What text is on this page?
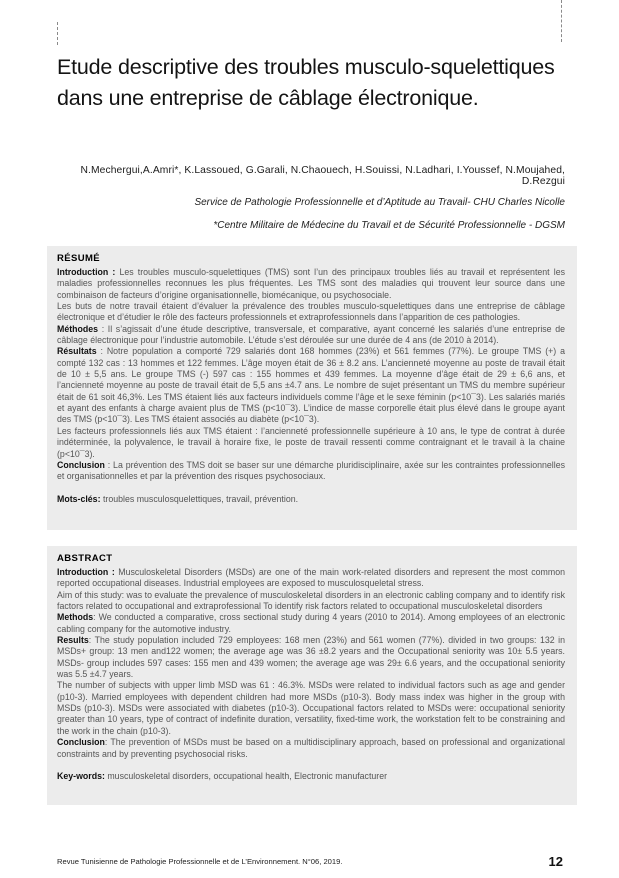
Etude descriptive des troubles musculo-squelettiques
dans une entreprise de câblage électronique.

N.Mechergui,A.Amri*, K.Lassoued, G.Garali, N.Chaouech, H.Souissi, N.Ladhari, I.Youssef, N.Moujahed, D.Rezgui

Service de Pathologie Professionnelle et d’Aptitude au Travail- CHU Charles Nicolle

*Centre Militaire de Médecine du Travail et de Sécurité Professionnelle - DGSM

RÉSUMÉ

Introduction : Les troubles musculo-squelettiques (TMS) sont l’un des principaux troubles liés au travail et représentent les maladies professionnelles reconnues les plus fréquentes. Les TMS sont des maladies qui trouvent leur source dans une combinaison de facteurs d’origine organisationnelle, biomécanique, ou psychosociale.

Les buts de notre travail étaient d’évaluer la prévalence des troubles musculo-squelettiques dans une entreprise de câblage électronique et d’étudier le rôle des facteurs professionnels et extraprofessionnels dans l’apparition de ces pathologies.

Méthodes : Il s’agissait d’une étude descriptive, transversale, et comparative, ayant concerné les salariés d’une entreprise de câblage électronique pour l’industrie automobile. L’étude s’est déroulée sur une durée de 4 ans (de 2010 à 2014).

Résultats : Notre population a comporté 729 salariés dont 168 hommes (23%) et 561 femmes (77%). Le groupe TMS (+) a compté 132 cas : 13 hommes et 122 femmes. L’âge moyen était de 36 ± 8.2 ans. L’ancienneté moyenne au poste de travail était de 10 ± 5,5 ans. Le groupe TMS (-) 597 cas : 155 hommes et 439 femmes. La moyenne d’âge était de 29 ± 6,6 ans, et l’ancienneté moyenne au poste de travail était de 5,5 ans ±4.7 ans. Le nombre de sujet présentant un TMS du membre supérieur était de 61 soit 46,3%. Les TMS étaient liés aux facteurs individuels comme l’âge et le sexe féminin (p<10¯3). Les salariés mariés et ayant des enfants à charge avaient plus de TMS (p<10¯3). L’indice de masse corporelle était plus élevé dans le groupe ayant des TMS (p<10¯3). Les TMS étaient associés au diabète (p<10¯3).

Les facteurs professionnels liés aux TMS étaient : l’ancienneté professionnelle supérieure à 10 ans, le type de contrat à durée indéterminée, la polyvalence, le travail à horaire fixe, le poste de travail ressenti comme contraignant et le travail à la chaine (p<10¯3).

Conclusion : La prévention des TMS doit se baser sur une démarche pluridisciplinaire, axée sur les contraintes professionnelles et organisationnelles et par la prévention des risques psychosociaux.

Mots-clés: troubles musculosquelettiques, travail, prévention.

ABSTRACT

Introduction : Musculoskeletal Disorders (MSDs) are one of the main work-related disorders and represent the most common reported occupational diseases. Industrial employees are exposed to musculosqueletal stress.

Aim of this study: was to evaluate the prevalence of musculoskeletal disorders in an electronic cabling company and to identify risk factors related to occupational and extraprofessional To identify risk factors related to occupational musculoskeletal disorders

Methods: We conducted a comparative, cross sectional study during 4 years (2010 to 2014). Among employees of an electronic cabling company for the automotive industry.

Results: The study population included 729 employees: 168 men (23%) and 561 women (77%). divided in two groups: 132 in MSDs+ group: 13 men and122 women; the average age was 36 ±8.2 years and the Occupational seniority was 10± 5.5 years. MSDs- group includes 597 cases: 155 men and 439 women; the average age was 29± 6.6 years, and the occupational seniority was 5.5 ±4.7 years.

The number of subjects with upper limb MSD was 61 : 46.3%. MSDs were related to individual factors such as age and gender (p10-3). Married employees with dependent children had more MSDs (p10-3). Body mass index was higher in the group with MSDs (p10-3). MSDs were associated with diabetes (p10-3). Occupational factors related to MSDs were: occupational seniority greater than 10 years, type of contract of indefinite duration, versatility, fixed-time work, the workstation felt to be constraining and the work in the chain (p10-3).

Conclusion: The prevention of MSDs must be based on a multidisciplinary approach, based on professional and organizational constraints and by preventing psychosocial risks.

Key-words: musculoskeletal disorders, occupational health, Electronic manufacturer

Revue Tunisienne de Pathologie Professionnelle et de L’Environnement. N°06, 2019.	12
